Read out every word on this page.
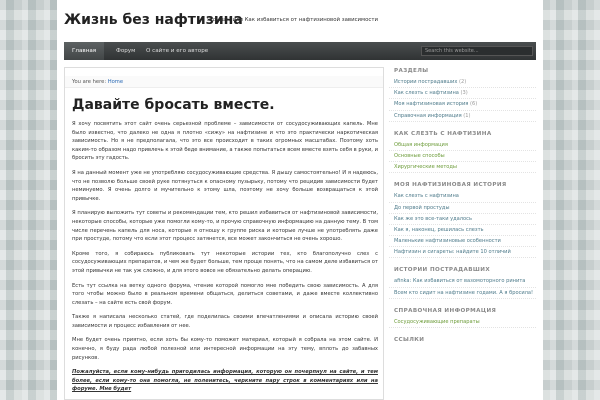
Жизнь без нафтизина
Я дышу! или Как избавиться от нафтизиновой зависимости
Главная	Форум	О сайте и его авторе	Search this website...
You are here: Home
Давайте бросать вместе.

Я хочу посвятить этот сайт очень серьезной проблеме – зависимости от сосудосуживающих капель. Мне было известно, что далеко не одна я плотно «сижу» на нафтизине и что это практически наркотическая зависимость. Но я не предполагала, что это все происходит в таких огромных масштабах. Поэтому хоть каким-то образом надо привлечь к этой беде внимание, а также попытаться всем вместе взять себя в руки, и бросить эту гадость.

Я на данный момент уже не употребляю сосудосуживающие средства. Я дышу самостоятельно! И я надеюсь, что не позволю больше своей руке потянуться к опасному пузырьку, потому что рецидив зависимости будет неминуемо. Я очень долго и мучительно к этому шла, поэтому не хочу больше возвращаться к этой привычке.

Я планирую выложить тут советы и рекомендации тем, кто решил избавиться от нафтизиновой зависимости, некоторые способы, которые уже помогли кому-то, и прочую справочную информацию на данную тему. В том числе перечень капель для носа, которые я отношу к группе риска и которые лучше не употреблять даже при простуде, потому что если этот процесс затянется, все может закончиться не очень хорошо.

Кроме того, я собираюсь публиковать тут некоторые истории тех, кто благополучно слез с сосудосуживающих препаратов, и чем же будет больше, тем проще понять, что на самом деле избавиться от этой привычки не так уж сложно, и для этого вовсе не обязательно делать операцию.

Есть тут ссылка на ветку одного форума, чтение которой помогло мне победить свою зависимость. А для того чтобы можно было в реальном времени общаться, делиться советами, и даже вместе коллективно слезать – на сайте есть свой форум.

Также я написала несколько статей, где поделилась своими впечатлениями и описала историю своей зависимости и процесс избавления от нее.

Мне будет очень приятно, если хоть бы кому-то поможет материал, который я собрала на этом сайте. И конечно, я буду рада любой полезной или интересной информации на эту тему, вплоть до забавных рисунков.

Пожалуйста, если кому-нибудь пригодилась информация, которую он почерпнул на сайте, и тем более, если кому-то она помогла, не поленитесь, черкните пару строк в комментариях или на форуме. Мне будет

РАЗДЕЛЫ
Истории пострадавших (2)
Как слезть с нафтизина (3)
Моя нафтизиновая история (6)
Справочная информация (1)
КАК СЛЕЗТЬ С НАФТИЗИНА
Общая информация
Основные способы
Хирургические методы
МОЯ НАФТИЗИНОВАЯ ИСТОРИЯ
Как слезть с нафтизина
До первой простуды
Как же это все-таки удалось
Как я, наконец, решилась слезть
Маленькие нафтизиновые особенности
Нафтизин и сигареты: найдите 10 отличий
ИСТОРИИ ПОСТРАДАВШИХ
afinka: Как избавиться от вазомоторного ринита
Всем кто сидит на нафтизине годами. А я бросила!
СПРАВОЧНАЯ ИНФОРМАЦИЯ
Сосудосуживающие препараты
ССЫЛКИ
